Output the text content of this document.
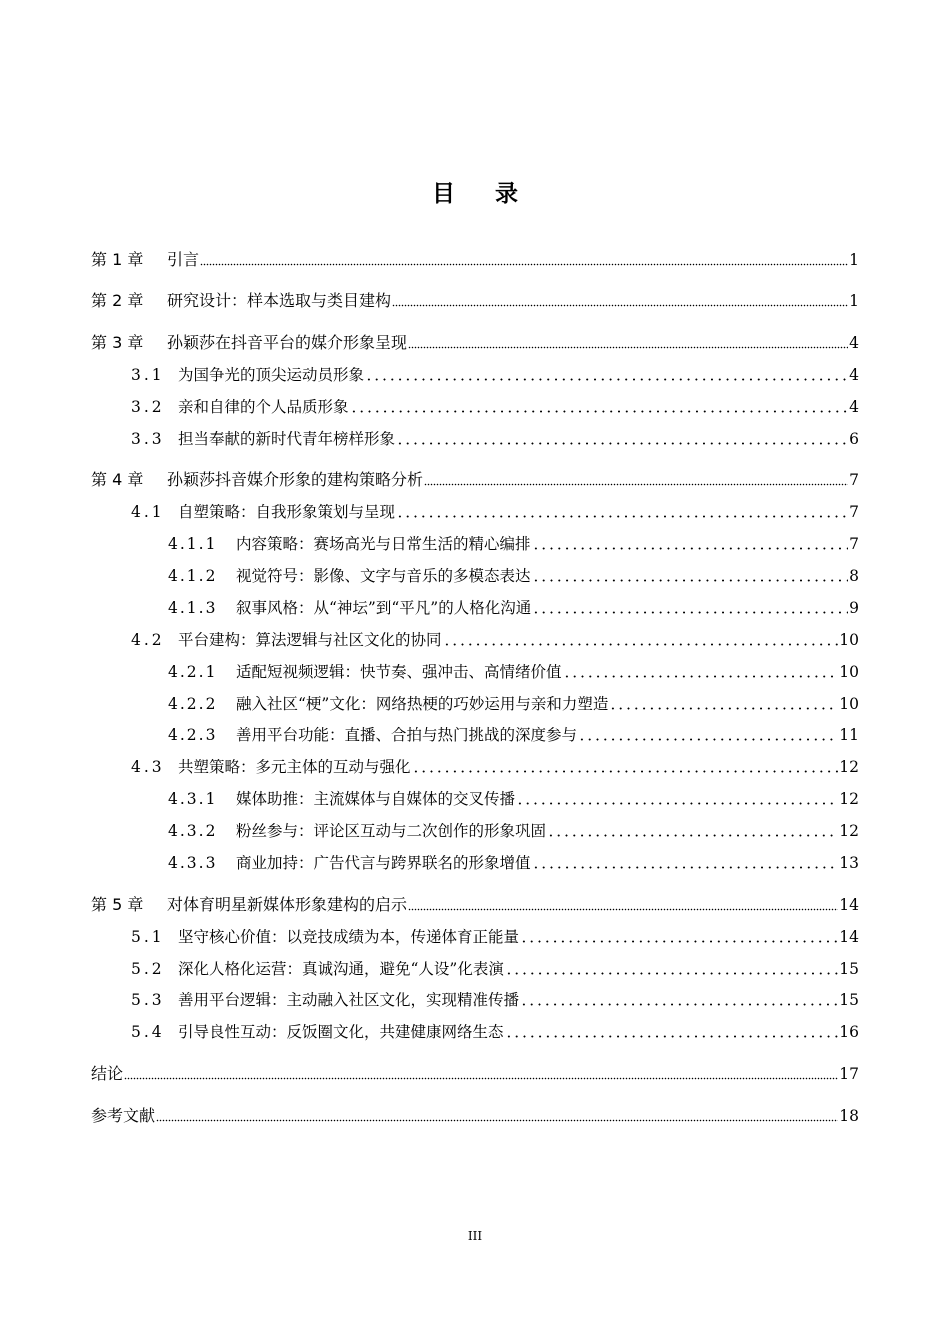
目录
第 1 章	引言	1
第 2 章	研究设计：样本选取与类目建构	1
第 3 章	孙颖莎在抖音平台的媒介形象呈现	4
3.1 为国争光的顶尖运动员形象	4
3.2 亲和自律的个人品质形象	4
3.3 担当奉献的新时代青年榜样形象	6
第 4 章	孙颖莎抖音媒介形象的建构策略分析	7
4.1 自塑策略：自我形象策划与呈现	7
4.1.1	内容策略：赛场高光与日常生活的精心编排	7
4.1.2	视觉符号：影像、文字与音乐的多模态表达	8
4.1.3	叙事风格：从“神坛”到“平凡”的人格化沟通	9
4.2 平台建构：算法逻辑与社区文化的协同	10
4.2.1	适配短视频逻辑：快节奏、强冲击、高情绪价值	10
4.2.2	融入社区“梗”文化：网络热梗的巧妙运用与亲和力塑造	10
4.2.3	善用平台功能：直播、合拍与热门挑战的深度参与	11
4.3 共塑策略：多元主体的互动与强化	12
4.3.1	媒体助推：主流媒体与自媒体的交叉传播	12
4.3.2	粉丝参与：评论区互动与二次创作的形象巩固	12
4.3.3	商业加持：广告代言与跨界联名的形象增值	13
第 5 章	对体育明星新媒体形象建构的启示	14
5.1 坚守核心价值：以竞技成绩为本，传递体育正能量	14
5.2 深化人格化运营：真诚沟通，避免“人设”化表演	15
5.3 善用平台逻辑：主动融入社区文化，实现精准传播	15
5.4 引导良性互动：反饭圈文化，共建健康网络生态	16
结论	17
参考文献	18
III
